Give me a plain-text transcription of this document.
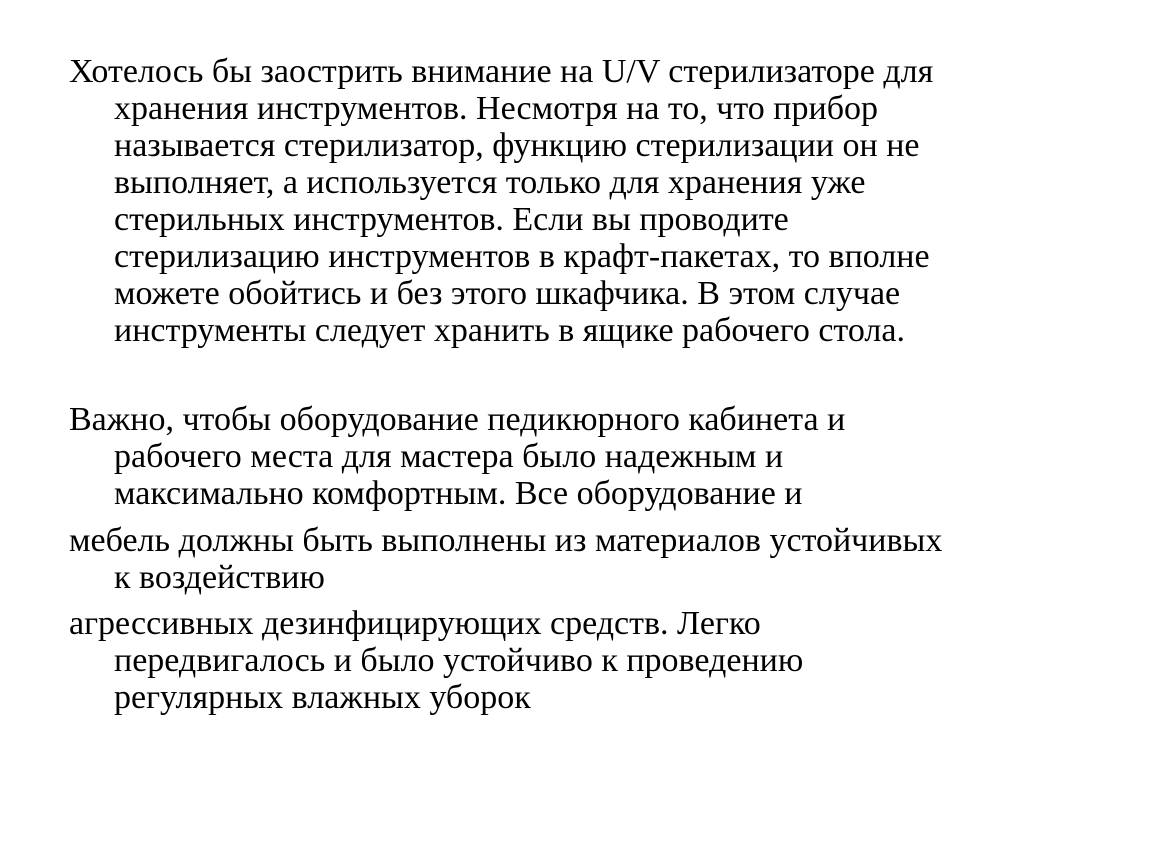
Хотелось бы заострить внимание на U/V стерилизаторе для
хранения инструментов. Несмотря на то, что прибор
называется стерилизатор, функцию стерилизации он не
выполняет, а используется только для хранения уже
стерильных инструментов. Если вы проводите
стерилизацию инструментов в крафт-пакетах, то вполне
можете обойтись и без этого шкафчика. В этом случае
инструменты следует хранить в ящике рабочего стола.

Важно, чтобы оборудование педикюрного кабинета и
рабочего места для мастера было надежным и
максимально комфортным. Все оборудование и

мебель должны быть выполнены из материалов устойчивых
к воздействию

агрессивных дезинфицирующих средств. Легко
передвигалось и было устойчиво к проведению
регулярных влажных уборок
